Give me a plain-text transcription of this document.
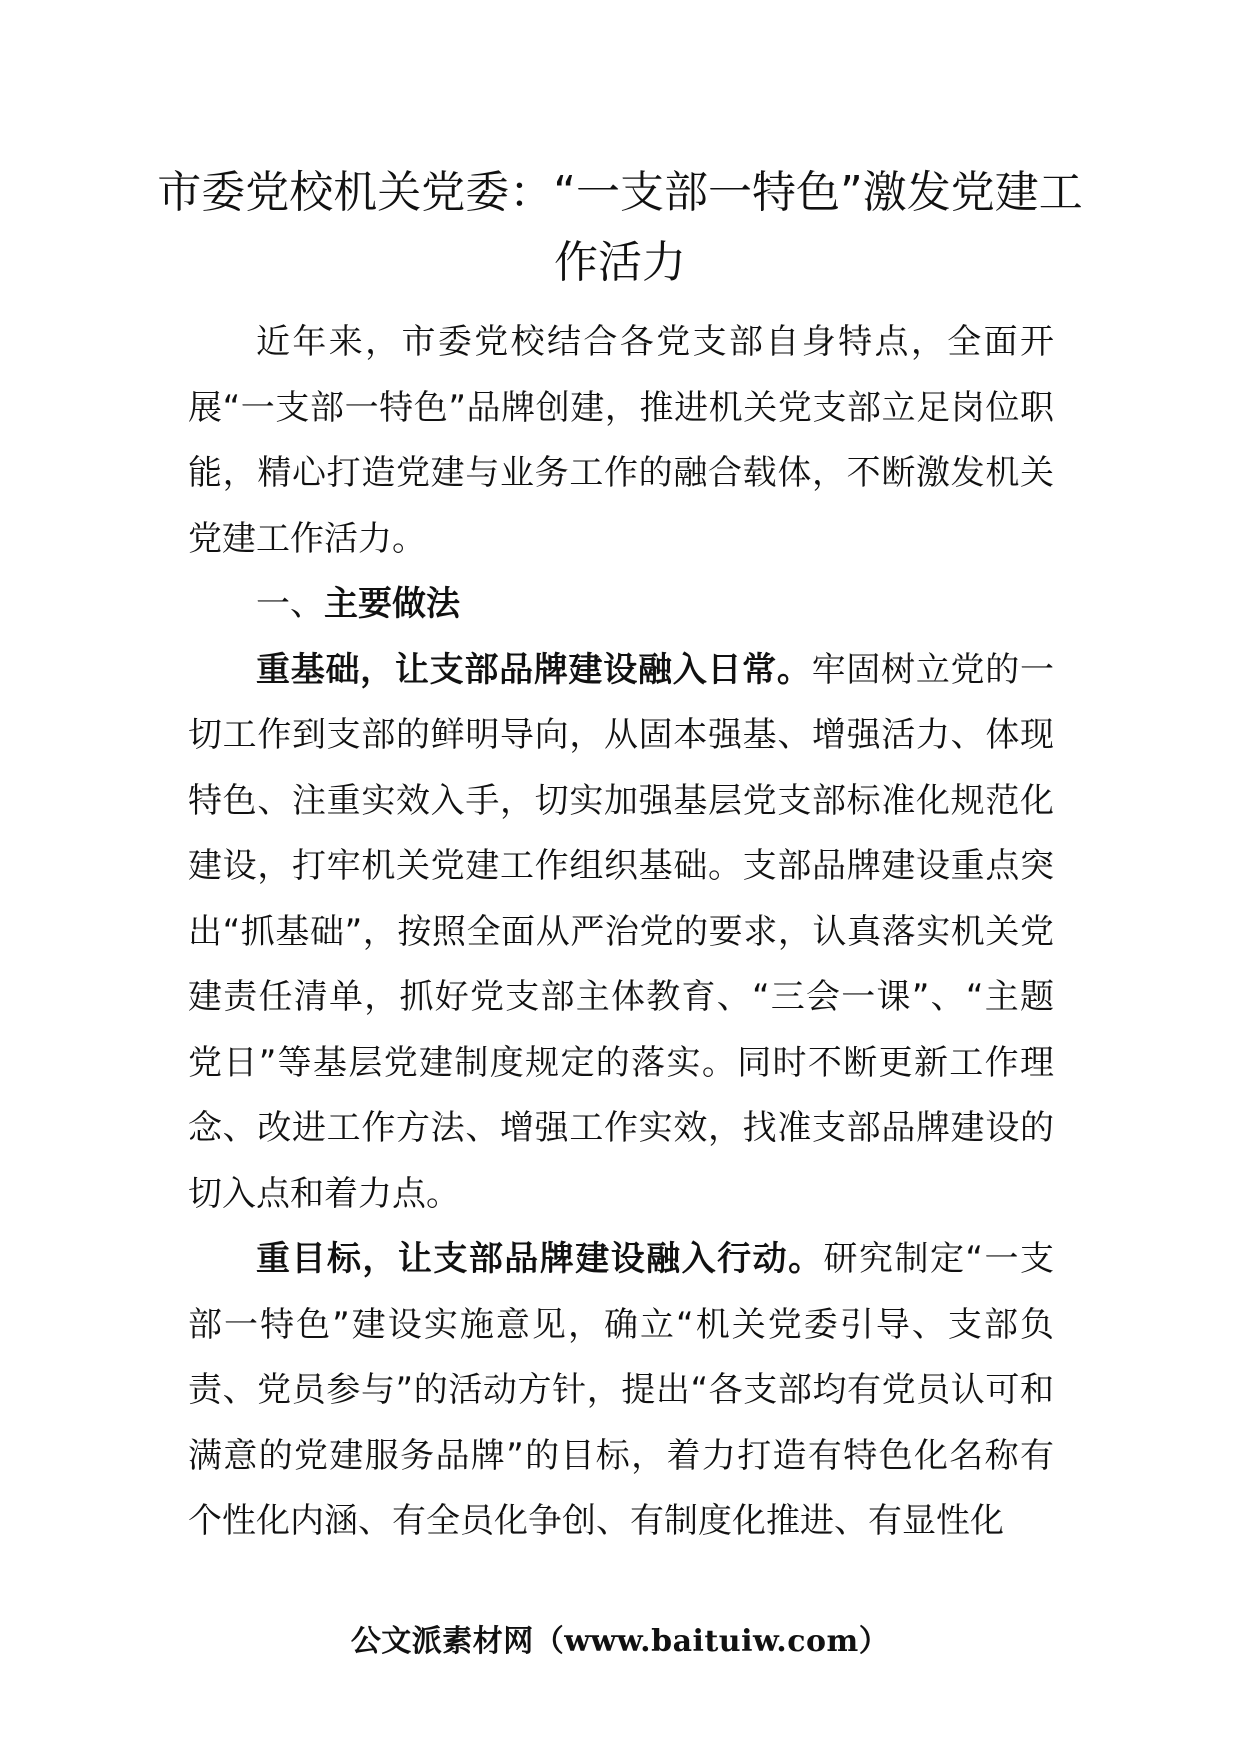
市委党校机关党委：“一支部一特色”激发党建工作活力

近年来，市委党校结合各党支部自身特点，全面开展“一支部一特色”品牌创建，推进机关党支部立足岗位职能，精心打造党建与业务工作的融合载体，不断激发机关党建工作活力。

一、主要做法

重基础，让支部品牌建设融入日常。牢固树立党的一切工作到支部的鲜明导向，从固本强基、增强活力、体现特色、注重实效入手，切实加强基层党支部标准化规范化建设，打牢机关党建工作组织基础。支部品牌建设重点突出“抓基础”，按照全面从严治党的要求，认真落实机关党建责任清单，抓好党支部主体教育、“三会一课”、“主题党日”等基层党建制度规定的落实。同时不断更新工作理念、改进工作方法、增强工作实效，找准支部品牌建设的切入点和着力点。

重目标，让支部品牌建设融入行动。研究制定“一支部一特色”建设实施意见，确立“机关党委引导、支部负责、党员参与”的活动方针，提出“各支部均有党员认可和满意的党建服务品牌”的目标，着力打造有特色化名称有个性化内涵、有全员化争创、有制度化推进、有显性化

公文派素材网（www.baituiw.com）
